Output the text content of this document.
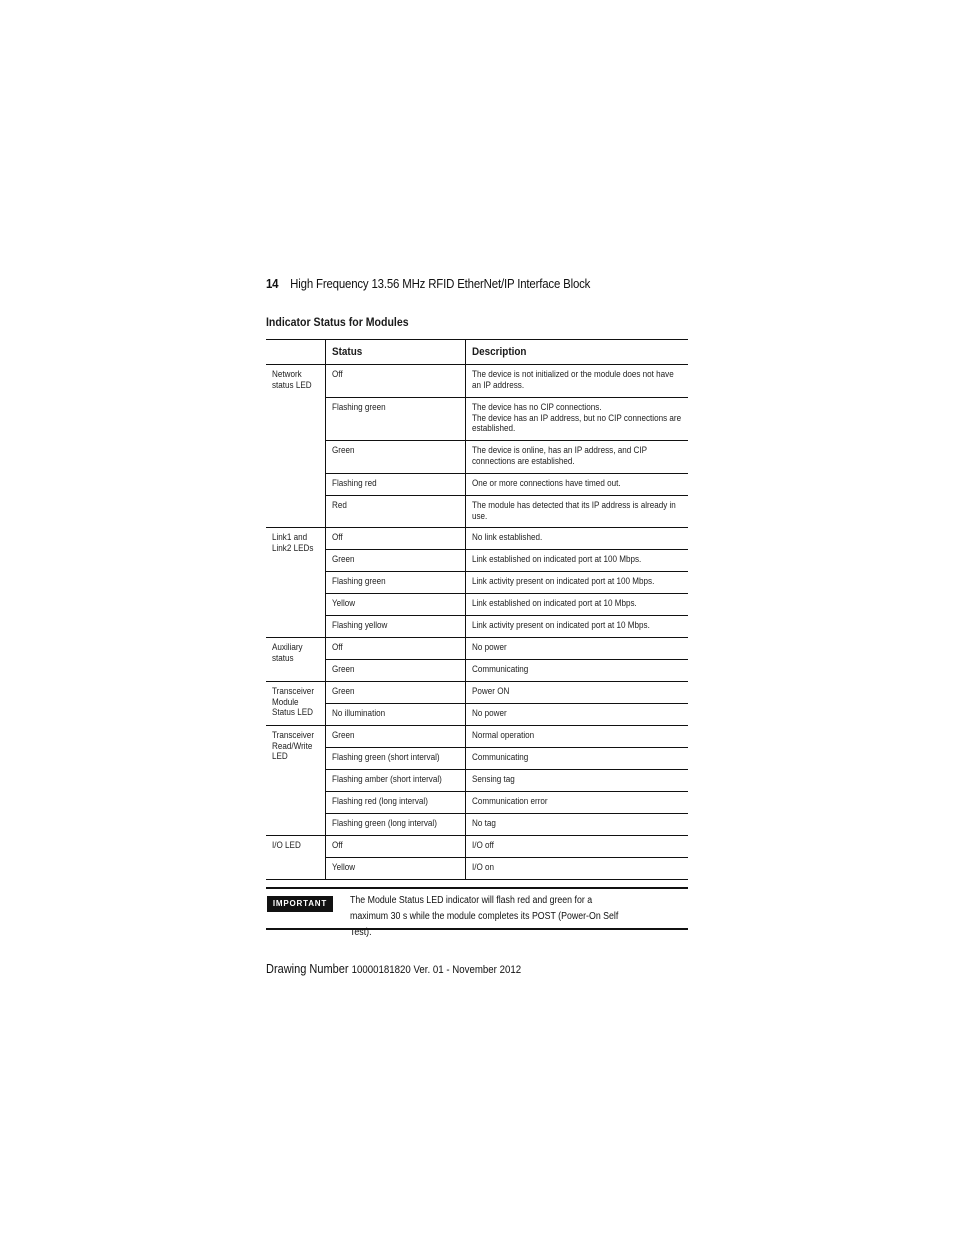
14 High Frequency 13.56 MHz RFID EtherNet/IP Interface Block
Indicator Status for Modules
	Status	Description
Network status LED	Off	The device is not initialized or the module does not have an IP address.
	Flashing green	The device has no CIP connections.
The device has an IP address, but no CIP connections are established.
	Green	The device is online, has an IP address, and CIP connections are established.
	Flashing red	One or more connections have timed out.
	Red	The module has detected that its IP address is already in use.
Link1 and Link2 LEDs	Off	No link established.
	Green	Link established on indicated port at 100 Mbps.
	Flashing green	Link activity present on indicated port at 100 Mbps.
	Yellow	Link established on indicated port at 10 Mbps.
	Flashing yellow	Link activity present on indicated port at 10 Mbps.
Auxiliary status	Off	No power
	Green	Communicating
Transceiver Module Status LED	Green	Power ON
	No illumination	No power
Transceiver Read/Write LED	Green	Normal operation
	Flashing green (short interval)	Communicating
	Flashing amber (short interval)	Sensing tag
	Flashing red (long interval)	Communication error
	Flashing green (long interval)	No tag
I/O LED	Off	I/O off
	Yellow	I/O on
IMPORTANT	The Module Status LED indicator will flash red and green for a maximum 30 s while the module completes its POST (Power-On Self Test).
Drawing Number 10000181820 Ver. 01 - November 2012
